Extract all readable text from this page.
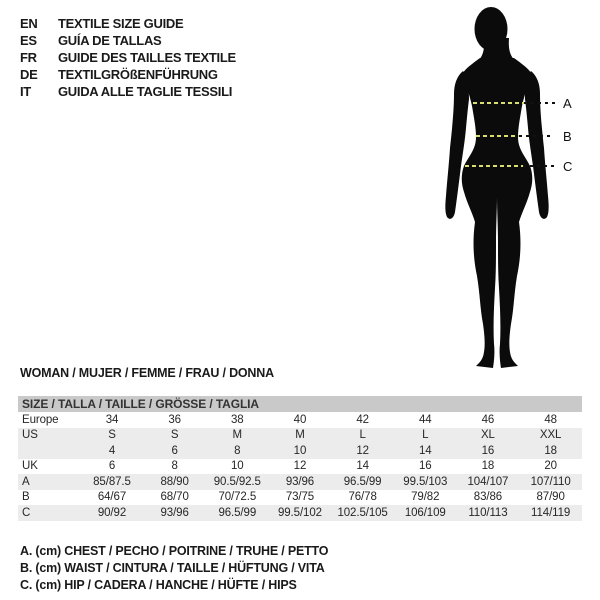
EN	TEXTILE SIZE GUIDE
ES	GUÍA DE TALLAS
FR	GUIDE DES TAILLES TEXTILE
DE	TEXTILGRÖßENFÜHRUNG
IT	GUIDA ALLE TAGLIE TESSILI
A
B
C
WOMAN / MUJER / FEMME / FRAU / DONNA
SIZE / TALLA / TAILLE / GRÖSSE / TAGLIA								
Europe	34	36	38	40	42	44	46	48
US	S	S	M	M	L	L	XL	XXL
	4	6	8	10	12	14	16	18
UK	6	8	10	12	14	16	18	20
A	85/87.5	88/90	90.5/92.5	93/96	96.5/99	99.5/103	104/107	107/110
B	64/67	68/70	70/72.5	73/75	76/78	79/82	83/86	87/90
C	90/92	93/96	96.5/99	99.5/102	102.5/105	106/109	110/113	114/119
A. (cm) CHEST / PECHO / POITRINE / TRUHE / PETTO
B. (cm) WAIST / CINTURA / TAILLE / HÜFTUNG / VITA
C. (cm) HIP / CADERA / HANCHE / HÜFTE / HIPS
